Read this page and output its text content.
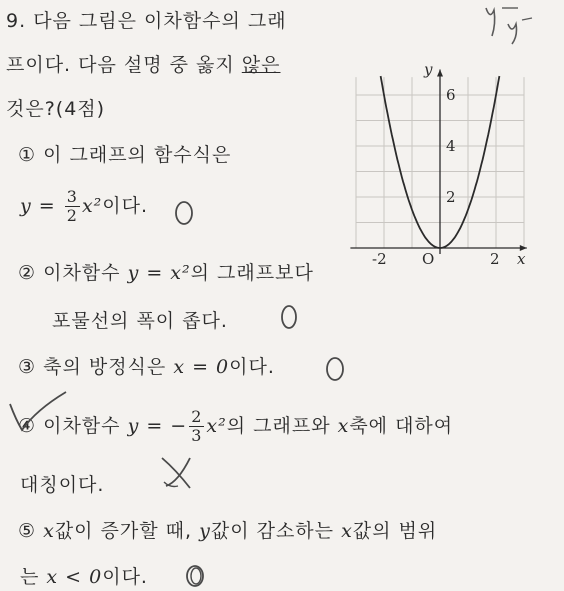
9. 다음 그림은 이차함수의 그래
프이다. 다음 설명 중 옳지 않은
것은?(4점)
① 이 그래프의 함수식은
$y = \frac{3}{2} x^2$이다.
② 이차함수 y = x²의 그래프보다
포물선의 폭이 좁다.
③ 축의 방정식은 x = 0이다.
④ 이차함수 y = − $\frac{2}{3} x^2$의 그래프와 x축에 대하여
대칭이다.
⑤ x값이 증가할 때, y값이 감소하는 x값의 범위
는 x < 0이다.
y
x
6
4
2
-2	2
O
